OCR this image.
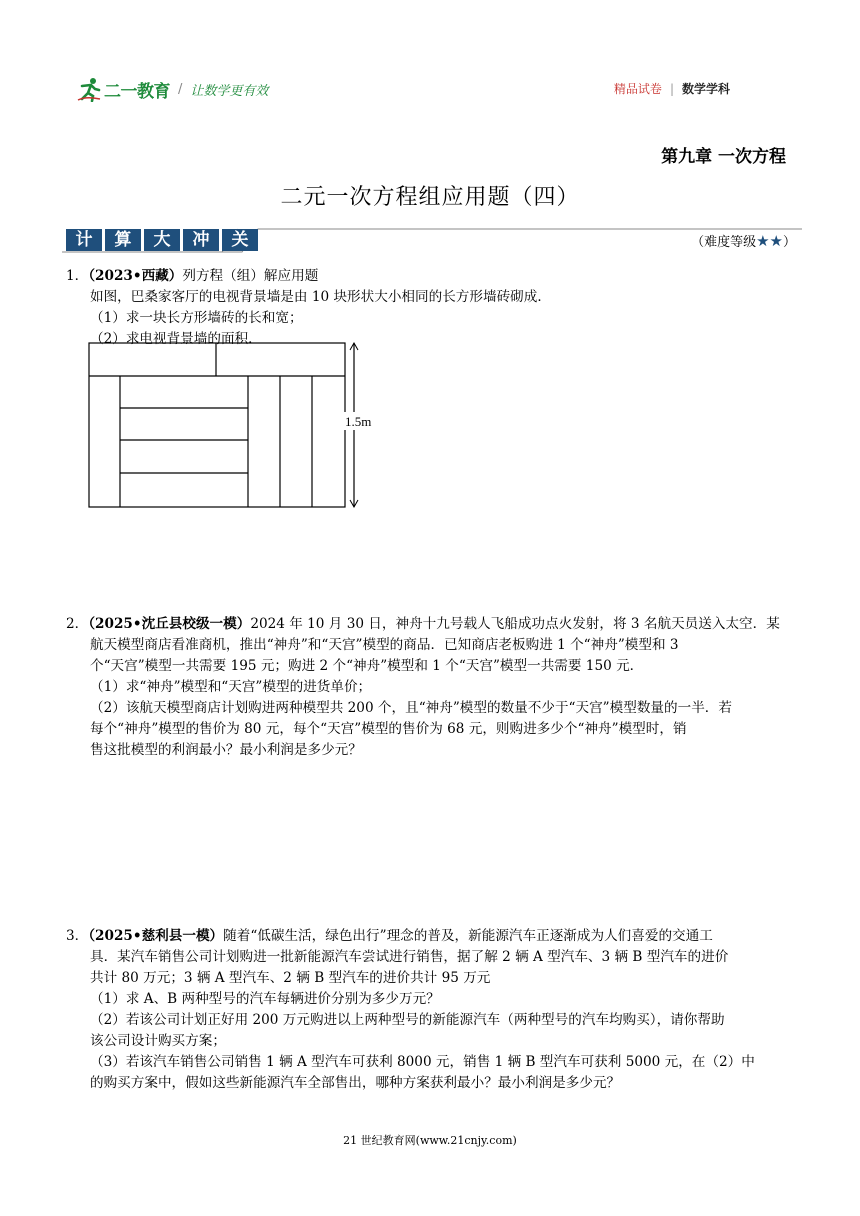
二一教育 / 让数学更有效	精品试卷 | 数学学科
第九章 一次方程
二元一次方程组应用题（四）
计	算	大	冲	关	（难度等级★★）
1．（2023•西藏）列方程（组）解应用题
如图，巴桑家客厅的电视背景墙是由 10 块形状大小相同的长方形墙砖砌成．
（1）求一块长方形墙砖的长和宽；
（2）求电视背景墙的面积．
1.5m
2．（2025•沈丘县校级一模）2024 年 10 月 30 日，神舟十九号载人飞船成功点火发射，将 3 名航天员送入太空．某
航天模型商店看准商机，推出“神舟”和“天宫”模型的商品．已知商店老板购进 1 个“神舟”模型和 3
个“天宫”模型一共需要 195 元；购进 2 个“神舟”模型和 1 个“天宫”模型一共需要 150 元．
（1）求“神舟”模型和“天宫”模型的进货单价；
（2）该航天模型商店计划购进两种模型共 200 个，且“神舟”模型的数量不少于“天宫”模型数量的一半．若
每个“神舟”模型的售价为 80 元，每个“天宫”模型的售价为 68 元，则购进多少个“神舟”模型时，销
售这批模型的利润最小？最小利润是多少元？
3．（2025•慈利县一模）随着“低碳生活，绿色出行”理念的普及，新能源汽车正逐渐成为人们喜爱的交通工
具．某汽车销售公司计划购进一批新能源汽车尝试进行销售，据了解 2 辆 A 型汽车、3 辆 B 型汽车的进价
共计 80 万元；3 辆 A 型汽车、2 辆 B 型汽车的进价共计 95 万元
（1）求 A、B 两种型号的汽车每辆进价分别为多少万元？
（2）若该公司计划正好用 200 万元购进以上两种型号的新能源汽车（两种型号的汽车均购买），请你帮助
该公司设计购买方案；
（3）若该汽车销售公司销售 1 辆 A 型汽车可获利 8000 元，销售 1 辆 B 型汽车可获利 5000 元，在（2）中
的购买方案中，假如这些新能源汽车全部售出，哪种方案获利最小？最小利润是多少元？
21 世纪教育网(www.21cnjy.com)
